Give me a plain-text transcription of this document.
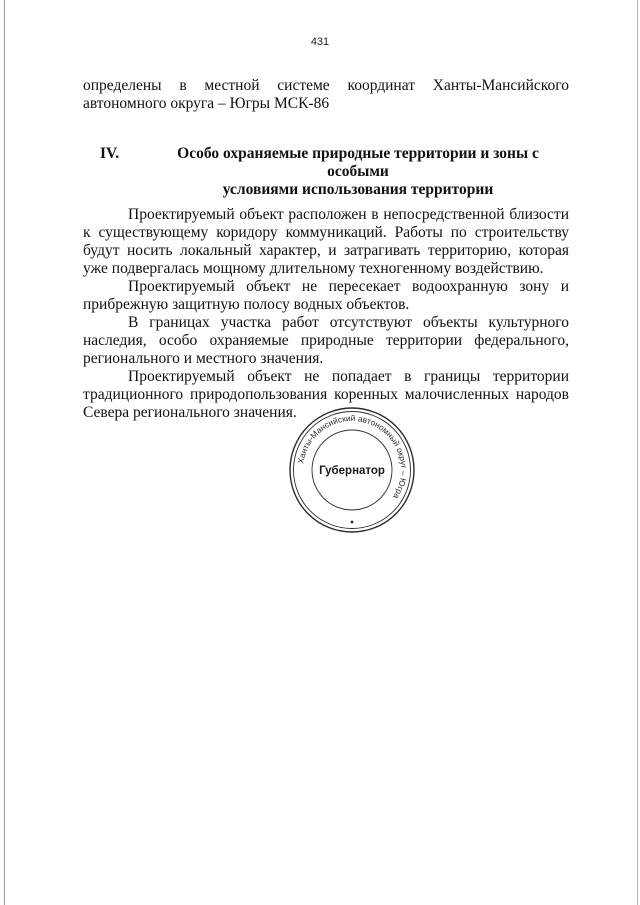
431
определены в местной системе координат Ханты-Мансийского
автономного округа – Югры МСК-86
IV.	Особо охраняемые природные территории и зоны с особыми
условиями использования территории

Проектируемый объект расположен в непосредственной близости к существующему коридору коммуникаций. Работы по строительству будут носить локальный характер, и затрагивать территорию, которая уже подвергалась мощному длительному техногенному воздействию.

Проектируемый объект не пересекает водоохранную зону и прибрежную защитную полосу водных объектов.

В границах участка работ отсутствуют объекты культурного наследия, особо охраняемые природные территории федерального, регионального и местного значения.

Проектируемый объект не попадает в границы территории традиционного природопользования коренных малочисленных народов Севера регионального значения.

Ханты-Мансийский автономный округ – Югра
Губернатор
